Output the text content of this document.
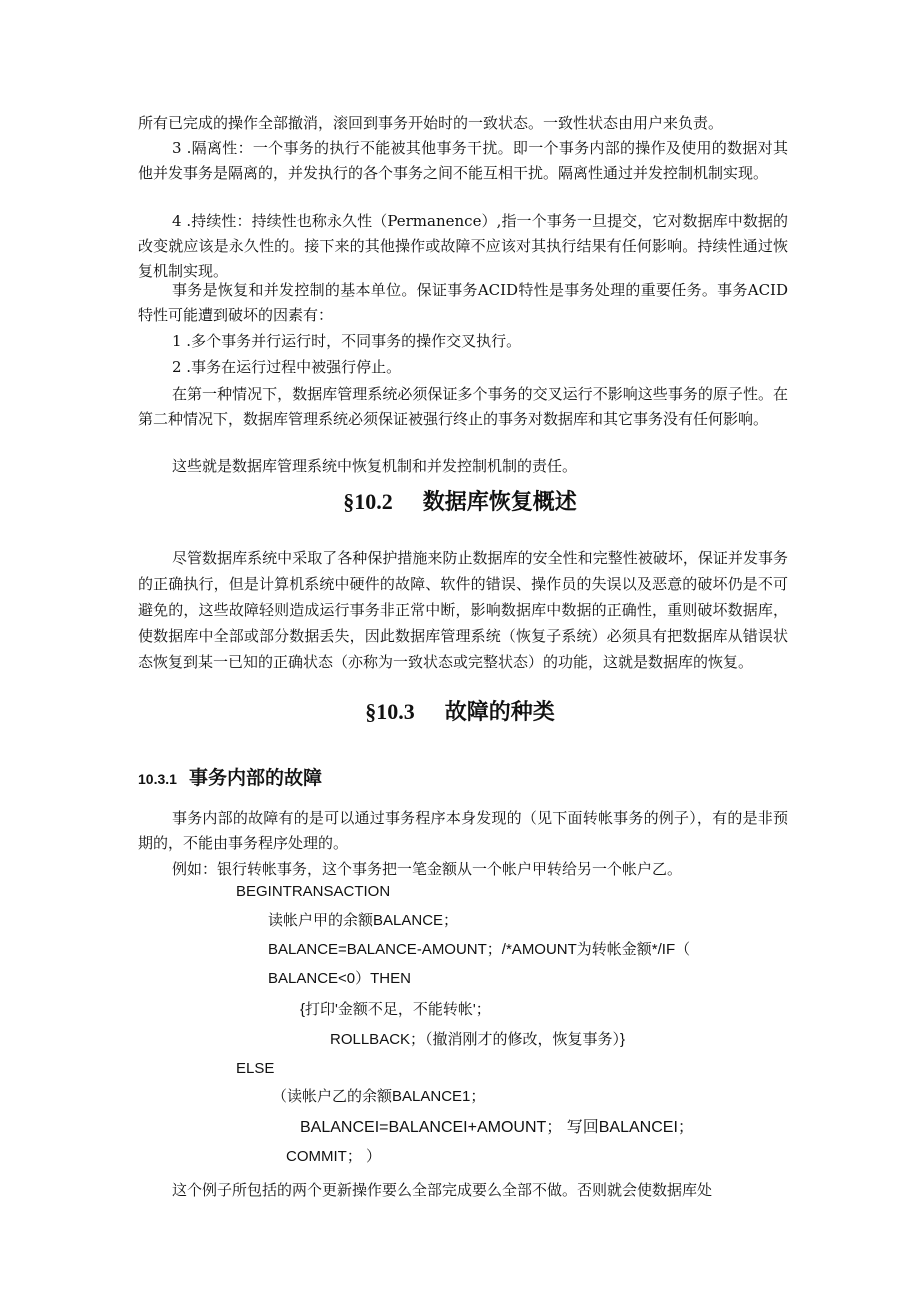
所有已完成的操作全部撤消，滚回到事务开始时的一致状态。一致性状态由用户来负责。

3 .隔离性：一个事务的执行不能被其他事务干扰。即一个事务内部的操作及使用的数据对其他并发事务是隔离的，并发执行的各个事务之间不能互相干扰。隔离性通过并发控制机制实现。

4 .持续性：持续性也称永久性（Permanence）,指一个事务一旦提交，它对数据库中数据的改变就应该是永久性的。接下来的其他操作或故障不应该对其执行结果有任何影响。持续性通过恢复机制实现。

事务是恢复和并发控制的基本单位。保证事务ACID特性是事务处理的重要任务。事务ACID特性可能遭到破坏的因素有：

1 .多个事务并行运行时，不同事务的操作交叉执行。

2 .事务在运行过程中被强行停止。

在第一种情况下，数据库管理系统必须保证多个事务的交叉运行不影响这些事务的原子性。在第二种情况下，数据库管理系统必须保证被强行终止的事务对数据库和其它事务没有任何影响。

这些就是数据库管理系统中恢复机制和并发控制机制的责任。

§10.2 数据库恢复概述

尽管数据库系统中采取了各种保护措施来防止数据库的安全性和完整性被破坏，保证并发事务的正确执行，但是计算机系统中硬件的故障、软件的错误、操作员的失误以及恶意的破坏仍是不可避免的，这些故障轻则造成运行事务非正常中断，影响数据库中数据的正确性，重则破坏数据库，使数据库中全部或部分数据丢失，因此数据库管理系统（恢复子系统）必须具有把数据库从错误状态恢复到某一已知的正确状态（亦称为一致状态或完整状态）的功能，这就是数据库的恢复。

§10.3 故障的种类
10.3.1 事务内部的故障

事务内部的故障有的是可以通过事务程序本身发现的（见下面转帐事务的例子），有的是非预期的，不能由事务程序处理的。

例如：银行转帐事务，这个事务把一笔金额从一个帐户甲转给另一个帐户乙。

BEGINTRANSACTION
读帐户甲的余额BALANCE；
BALANCE=BALANCE-AMOUNT；/*AMOUNT为转帐金额*/IF（
BALANCE<0）THEN
{打印'金额不足，不能转帐'；
ROLLBACK；（撤消刚才的修改，恢复事务）}
ELSE
（读帐户乙的余额BALANCE1；
BALANCEI=BALANCEI+AMOUNT； 写回BALANCEI；
COMMIT； ）

这个例子所包括的两个更新操作要么全部完成要么全部不做。否则就会使数据库处
